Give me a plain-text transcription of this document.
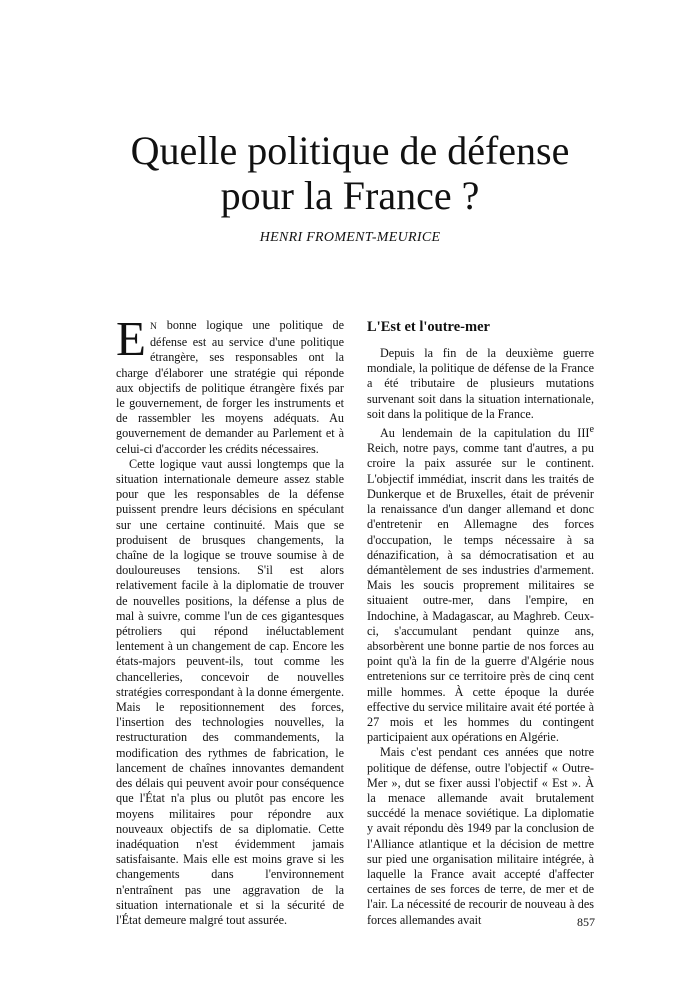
Quelle politique de défense
pour la France ?

HENRI FROMENT-MEURICE

E N bonne logique une politique de défense est au service d'une politique étrangère, ses responsables ont la charge d'élaborer une stratégie qui réponde aux objectifs de politique étrangère fixés par le gouvernement, de forger les instruments et de rassembler les moyens adéquats. Au gouvernement de demander au Parlement et à celui-ci d'accorder les crédits nécessaires.

Cette logique vaut aussi longtemps que la situation internationale demeure assez stable pour que les responsables de la défense puissent prendre leurs décisions en spéculant sur une certaine continuité. Mais que se produisent de brusques changements, la chaîne de la logique se trouve soumise à de douloureuses tensions. S'il est alors relativement facile à la diplomatie de trouver de nouvelles positions, la défense a plus de mal à suivre, comme l'un de ces gigantesques pétroliers qui répond inéluctablement lentement à un changement de cap. Encore les états-majors peuvent-ils, tout comme les chancelleries, concevoir de nouvelles stratégies correspondant à la donne émergente. Mais le repositionnement des forces, l'insertion des technologies nouvelles, la restructuration des commandements, la modification des rythmes de fabrication, le lancement de chaînes innovantes demandent des délais qui peuvent avoir pour conséquence que l'État n'a plus ou plutôt pas encore les moyens militaires pour répondre aux nouveaux objectifs de sa diplomatie. Cette inadéquation n'est évidemment jamais satisfaisante. Mais elle est moins grave si les changements dans l'environnement n'entraînent pas une aggravation de la situation internationale et si la sécurité de l'État demeure malgré tout assurée.

L'Est et l'outre-mer

Depuis la fin de la deuxième guerre mondiale, la politique de défense de la France a été tributaire de plusieurs mutations survenant soit dans la situation internationale, soit dans la politique de la France.

Au lendemain de la capitulation du IIIe Reich, notre pays, comme tant d'autres, a pu croire la paix assurée sur le continent. L'objectif immédiat, inscrit dans les traités de Dunkerque et de Bruxelles, était de prévenir la renaissance d'un danger allemand et donc d'entretenir en Allemagne des forces d'occupation, le temps nécessaire à sa dénazification, à sa démocratisation et au démantèlement de ses industries d'armement. Mais les soucis proprement militaires se situaient outre-mer, dans l'empire, en Indochine, à Madagascar, au Maghreb. Ceux-ci, s'accumulant pendant quinze ans, absorbèrent une bonne partie de nos forces au point qu'à la fin de la guerre d'Algérie nous entretenions sur ce territoire près de cinq cent mille hommes. À cette époque la durée effective du service militaire avait été portée à 27 mois et les hommes du contingent participaient aux opérations en Algérie.

Mais c'est pendant ces années que notre politique de défense, outre l'objectif « Outre-Mer », dut se fixer aussi l'objectif « Est ». À la menace allemande avait brutalement succédé la menace soviétique. La diplomatie y avait répondu dès 1949 par la conclusion de l'Alliance atlantique et la décision de mettre sur pied une organisation militaire intégrée, à laquelle la France avait accepté d'affecter certaines de ses forces de terre, de mer et de l'air. La nécessité de recourir de nouveau à des forces allemandes avait	857
